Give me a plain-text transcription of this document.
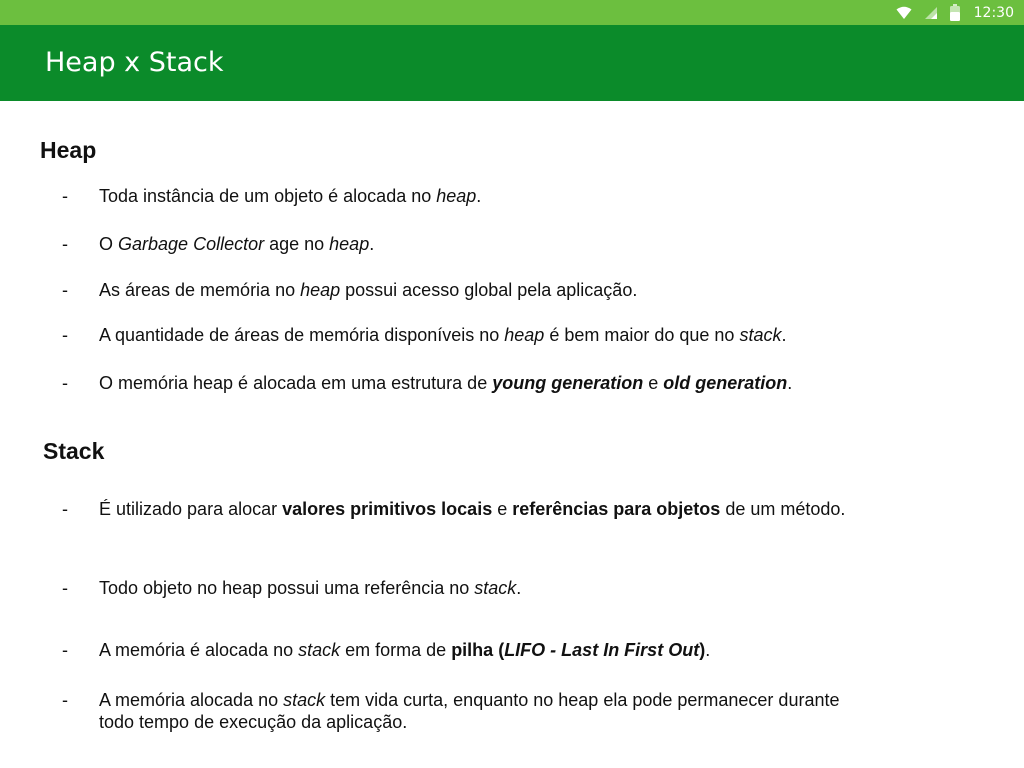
12:30
Heap x Stack
Heap
-	Toda instância de um objeto é alocada no heap.
-	O Garbage Collector age no heap.
-	As áreas de memória no heap possui acesso global pela aplicação.
-	A quantidade de áreas de memória disponíveis no heap é bem maior do que no stack.
-	O memória heap é alocada em uma estrutura de young generation e old generation.
Stack
-	É utilizado para alocar valores primitivos locais e referências para objetos de um método.
-	Todo objeto no heap possui uma referência no stack.
-	A memória é alocada no stack em forma de pilha (LIFO - Last In First Out).
-	A memória alocada no stack tem vida curta, enquanto no heap ela pode permanecer durante todo tempo de execução da aplicação.
